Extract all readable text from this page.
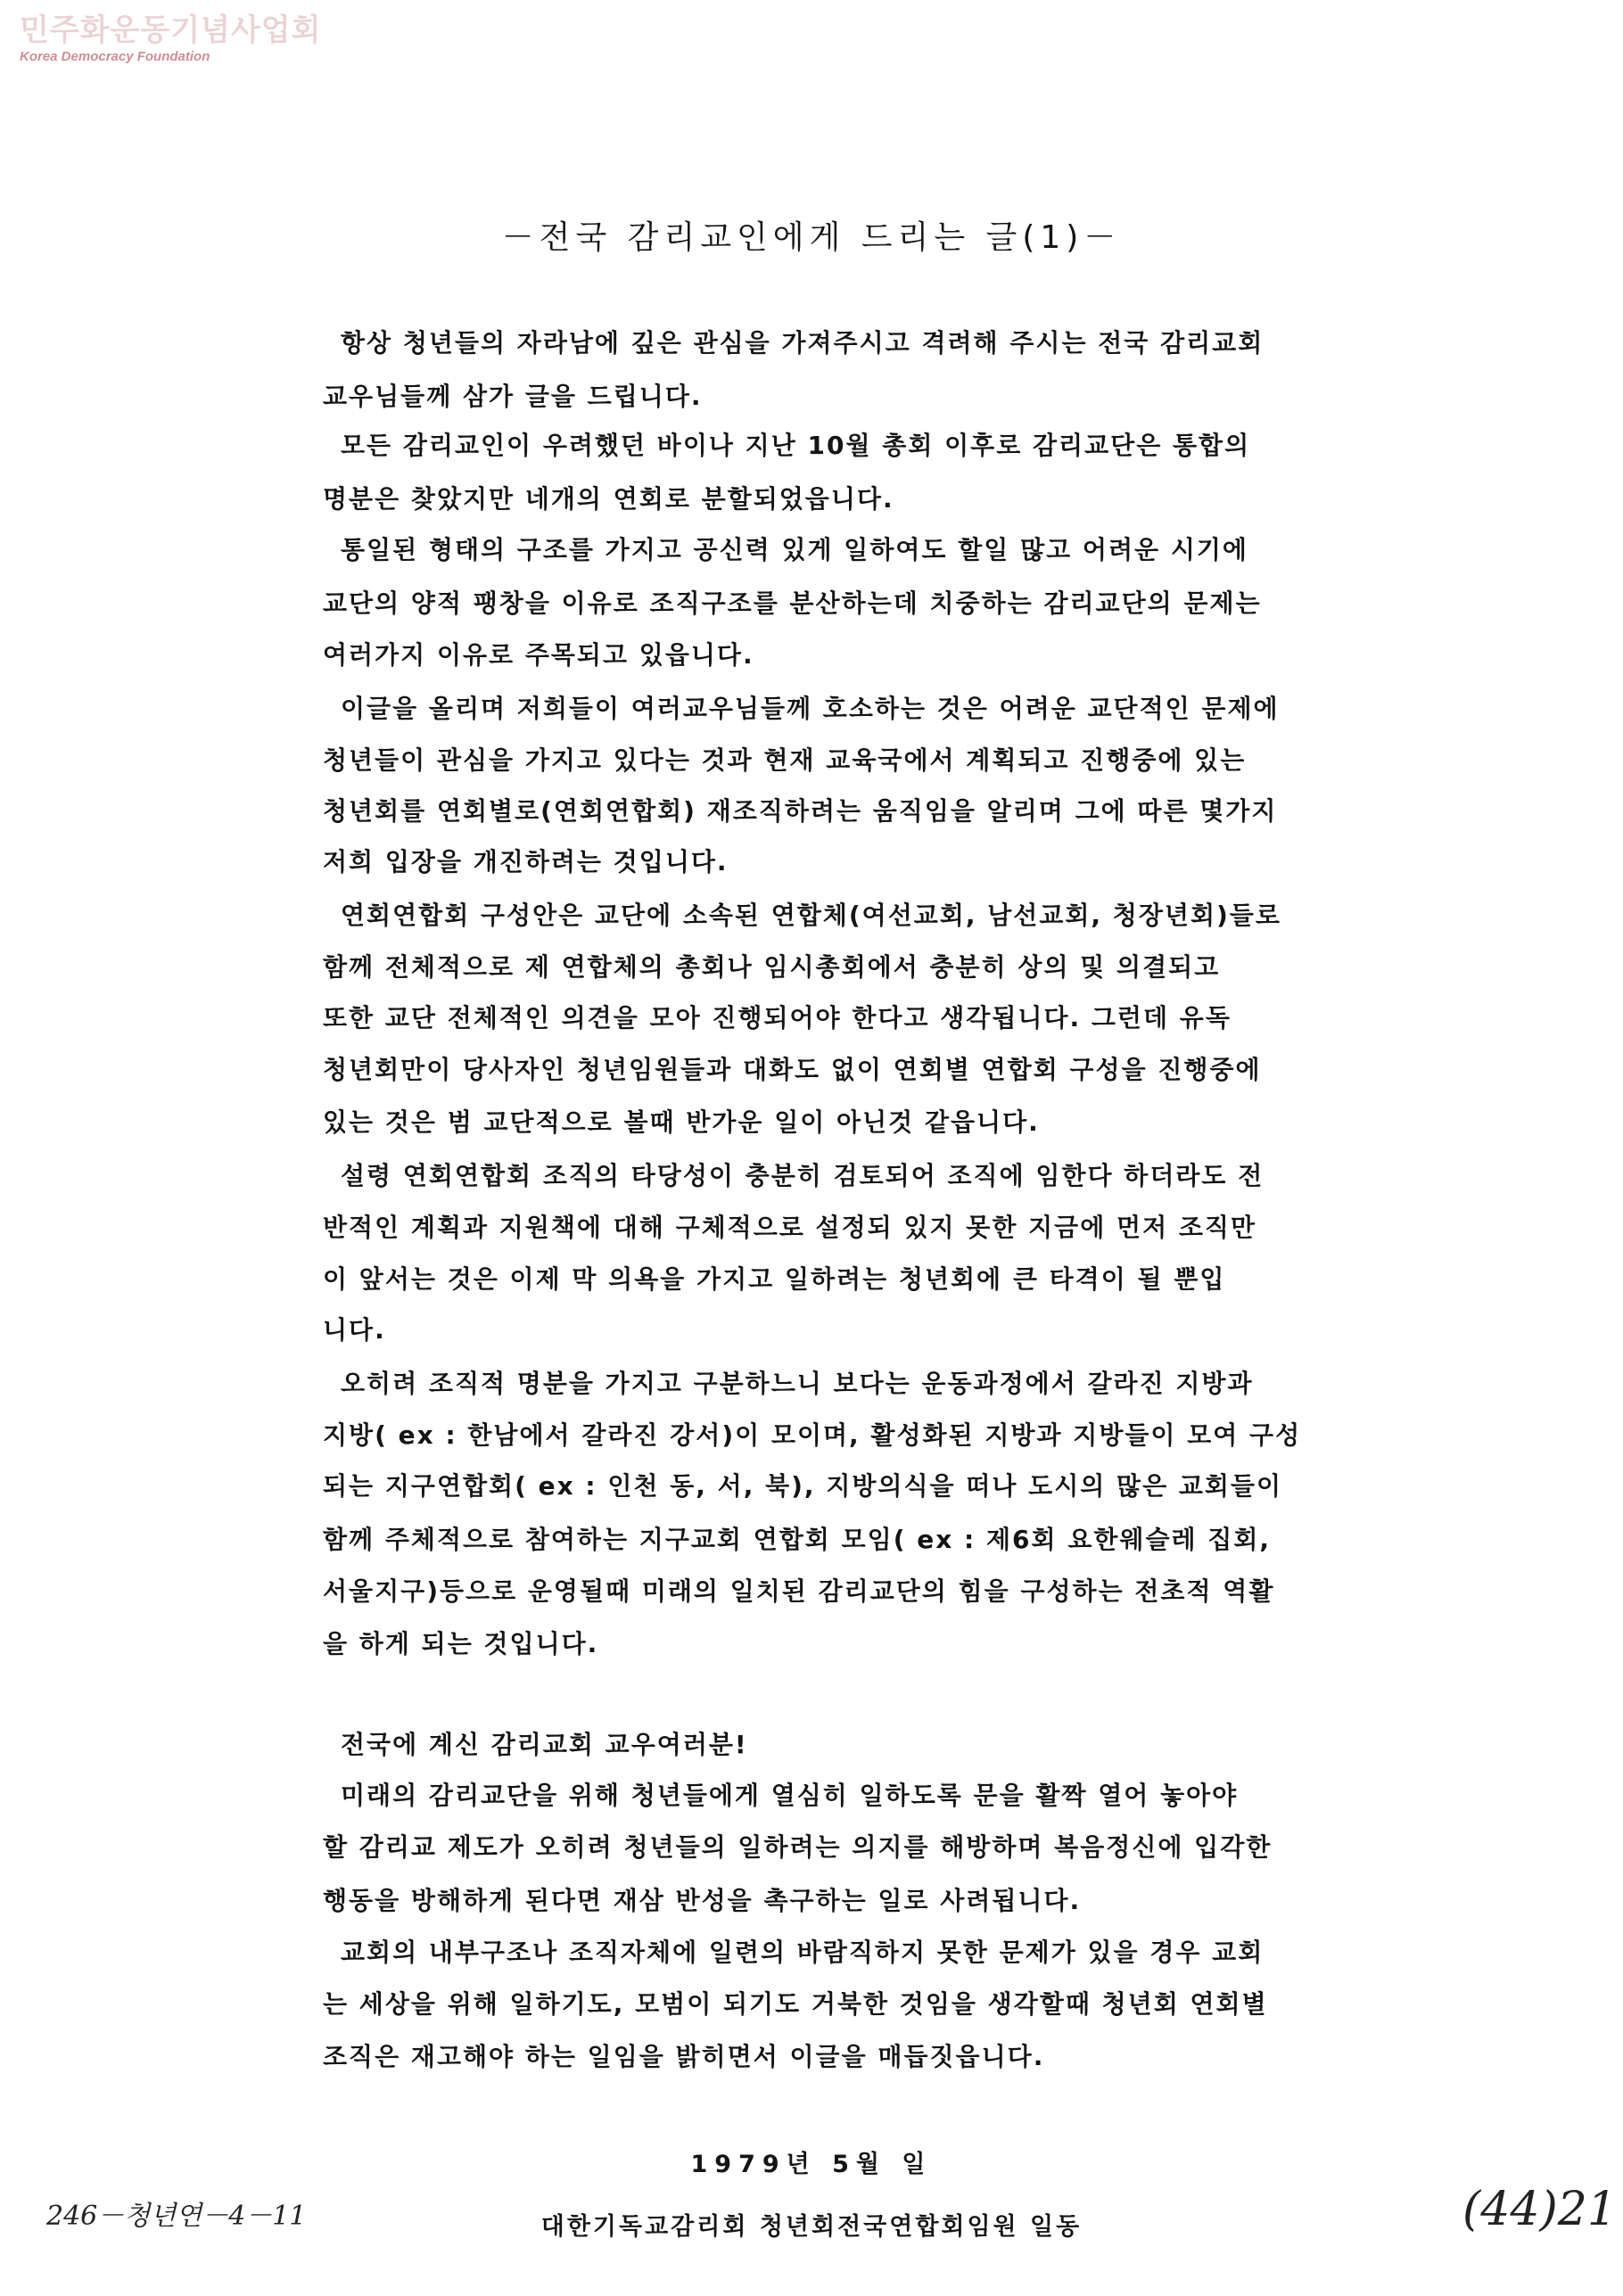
민주화운동기념사업회
Korea Democracy Foundation
－전국 감리교인에게 드리는 글(1)－
항상 청년들의 자라남에 깊은 관심을 가져주시고 격려해 주시는 전국 감리교회
교우님들께 삼가 글을 드립니다.
모든 감리교인이 우려했던 바이나 지난 10월 총회 이후로 감리교단은 통합의
명분은 찾았지만 네개의 연회로 분할되었읍니다.
통일된 형태의 구조를 가지고 공신력 있게 일하여도 할일 많고 어려운 시기에
교단의 양적 팽창을 이유로 조직구조를 분산하는데 치중하는 감리교단의 문제는
여러가지 이유로 주목되고 있읍니다.
이글을 올리며 저희들이 여러교우님들께 호소하는 것은 어려운 교단적인 문제에
청년들이 관심을 가지고 있다는 것과 현재 교육국에서 계획되고 진행중에 있는
청년회를 연회별로(연회연합회) 재조직하려는 움직임을 알리며 그에 따른 몇가지
저희 입장을 개진하려는 것입니다.
연회연합회 구성안은 교단에 소속된 연합체(여선교회, 남선교회, 청장년회)들로
함께 전체적으로 제 연합체의 총회나 임시총회에서 충분히 상의 및 의결되고
또한 교단 전체적인 의견을 모아 진행되어야 한다고 생각됩니다. 그런데 유독
청년회만이 당사자인 청년임원들과 대화도 없이 연회별 연합회 구성을 진행중에
있는 것은 범 교단적으로 볼때 반가운 일이 아닌것 같읍니다.
설령 연회연합회 조직의 타당성이 충분히 검토되어 조직에 임한다 하더라도 전
반적인 계획과 지원책에 대해 구체적으로 설정되 있지 못한 지금에 먼저 조직만
이 앞서는 것은 이제 막 의욕을 가지고 일하려는 청년회에 큰 타격이 될 뿐입
니다.
오히려 조직적 명분을 가지고 구분하느니 보다는 운동과정에서 갈라진 지방과
지방( ex : 한남에서 갈라진 강서)이 모이며, 활성화된 지방과 지방들이 모여 구성
되는 지구연합회( ex : 인천 동, 서, 북), 지방의식을 떠나 도시의 많은 교회들이
함께 주체적으로 참여하는 지구교회 연합회 모임( ex : 제6회 요한웨슬레 집회,
서울지구)등으로 운영될때 미래의 일치된 감리교단의 힘을 구성하는 전초적 역활
을 하게 되는 것입니다.
전국에 계신 감리교회 교우여러분!
미래의 감리교단을 위해 청년들에게 열심히 일하도록 문을 활짝 열어 놓아야
할 감리교 제도가 오히려 청년들의 일하려는 의지를 해방하며 복음정신에 입각한
행동을 방해하게 된다면 재삼 반성을 촉구하는 일로 사려됩니다.
교회의 내부구조나 조직자체에 일련의 바람직하지 못한 문제가 있을 경우 교회
는 세상을 위해 일하기도, 모범이 되기도 거북한 것임을 생각할때 청년회 연회별
조직은 재고해야 하는 일임을 밝히면서 이글을 매듭짓읍니다.
1979년 5월 일
대한기독교감리회 청년회전국연합회임원 일동
246－청년연－4－11	(44)21
